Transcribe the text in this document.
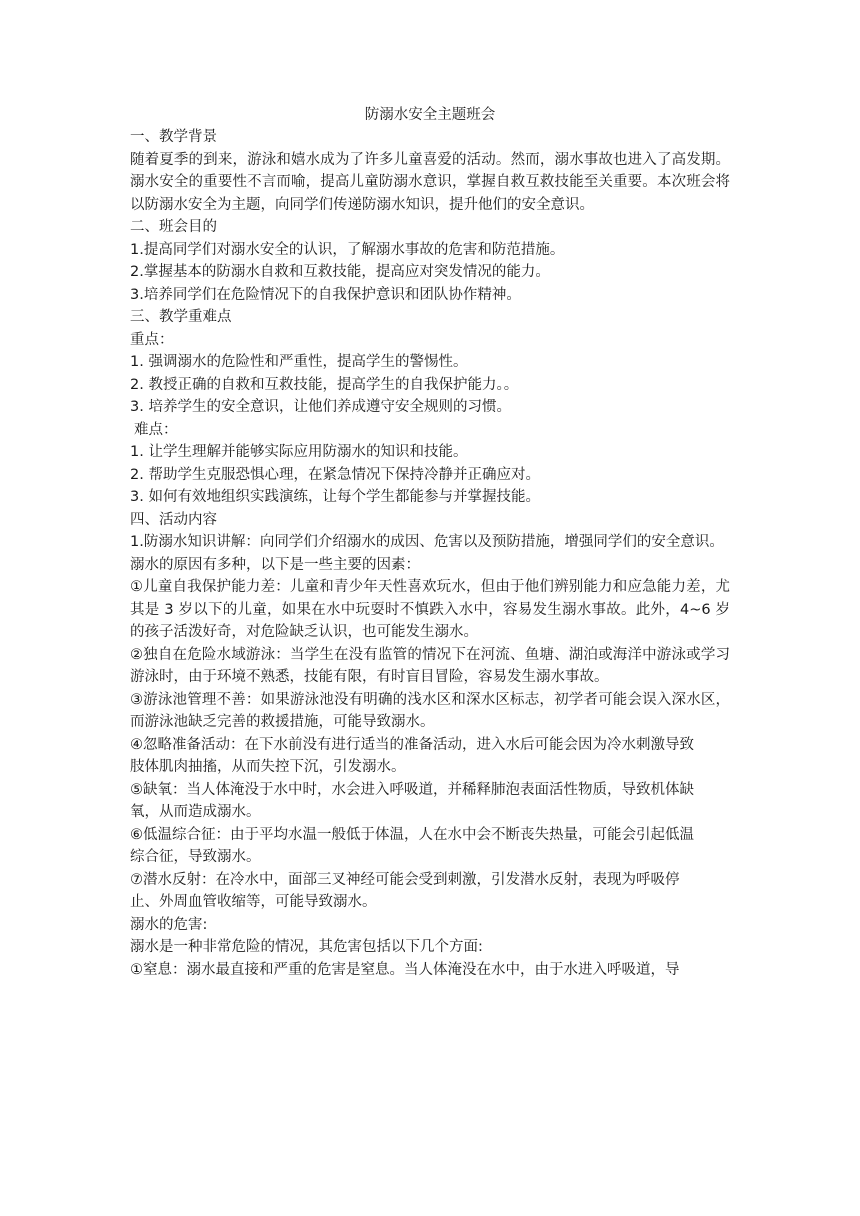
防溺水安全主题班会

一、教学背景

随着夏季的到来，游泳和嬉水成为了许多儿童喜爱的活动。然而，溺水事故也进入了高发期。溺水安全的重要性不言而喻，提高儿童防溺水意识，掌握自救互救技能至关重要。本次班会将以防溺水安全为主题，向同学们传递防溺水知识，提升他们的安全意识。

二、班会目的

1.提高同学们对溺水安全的认识，了解溺水事故的危害和防范措施。

2.掌握基本的防溺水自救和互救技能，提高应对突发情况的能力。

3.培养同学们在危险情况下的自我保护意识和团队协作精神。

三、教学重难点

重点：

1. 强调溺水的危险性和严重性，提高学生的警惕性。

2. 教授正确的自救和互救技能，提高学生的自我保护能力。。

3. 培养学生的安全意识，让他们养成遵守安全规则的习惯。

难点：

1. 让学生理解并能够实际应用防溺水的知识和技能。

2. 帮助学生克服恐惧心理，在紧急情况下保持冷静并正确应对。

3. 如何有效地组织实践演练，让每个学生都能参与并掌握技能。

四、活动内容

1.防溺水知识讲解：向同学们介绍溺水的成因、危害以及预防措施，增强同学们的安全意识。

溺水的原因有多种，以下是一些主要的因素：

①儿童自我保护能力差：儿童和青少年天性喜欢玩水，但由于他们辨别能力和应急能力差，尤其是 3 岁以下的儿童，如果在水中玩耍时不慎跌入水中，容易发生溺水事故。此外，4~6 岁的孩子活泼好奇，对危险缺乏认识，也可能发生溺水。

②独自在危险水域游泳：当学生在没有监管的情况下在河流、鱼塘、湖泊或海洋中游泳或学习游泳时，由于环境不熟悉，技能有限，有时盲目冒险，容易发生溺水事故。

③游泳池管理不善：如果游泳池没有明确的浅水区和深水区标志，初学者可能会误入深水区，而游泳池缺乏完善的救援措施，可能导致溺水。

④忽略准备活动：在下水前没有进行适当的准备活动，进入水后可能会因为冷水刺激导致

肢体肌肉抽搐，从而失控下沉，引发溺水。

⑤缺氧：当人体淹没于水中时，水会进入呼吸道，并稀释肺泡表面活性物质，导致机体缺

氧，从而造成溺水。

⑥低温综合征：由于平均水温一般低于体温，人在水中会不断丧失热量，可能会引起低温

综合征，导致溺水。

⑦潜水反射：在冷水中，面部三叉神经可能会受到刺激，引发潜水反射，表现为呼吸停

止、外周血管收缩等，可能导致溺水。

溺水的危害:

溺水是一种非常危险的情况，其危害包括以下几个方面:

①窒息：溺水最直接和严重的危害是窒息。当人体淹没在水中，由于水进入呼吸道，导
